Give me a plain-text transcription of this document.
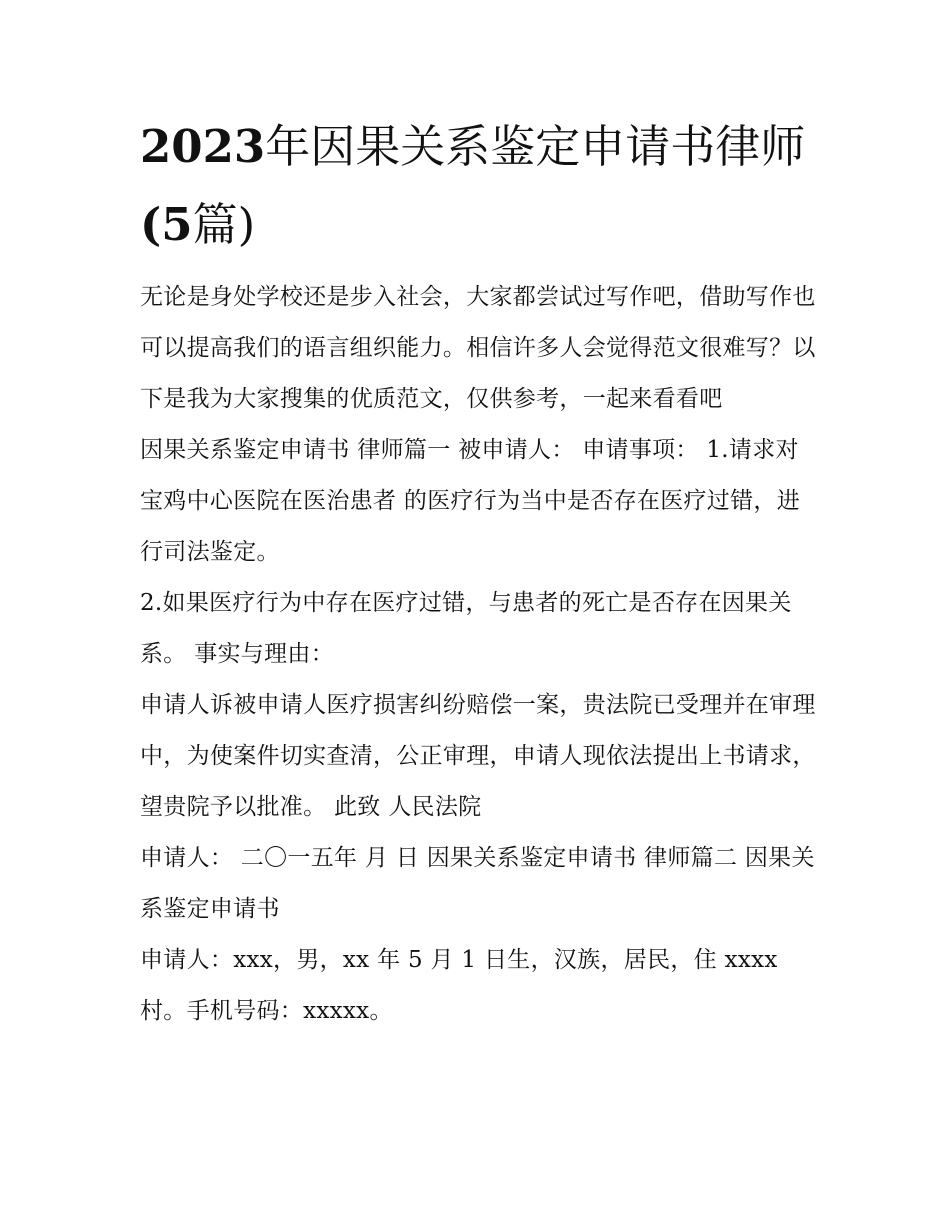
2023年因果关系鉴定申请书律师(5篇)

无论是身处学校还是步入社会，大家都尝试过写作吧，借助写作也可以提高我们的语言组织能力。相信许多人会觉得范文很难写？以下是我为大家搜集的优质范文，仅供参考，一起来看看吧

因果关系鉴定申请书 律师篇一 被申请人： 申请事项： 1.请求对宝鸡中心医院在医治患者 的医疗行为当中是否存在医疗过错，进行司法鉴定。

2.如果医疗行为中存在医疗过错，与患者的死亡是否存在因果关系。 事实与理由：

申请人诉被申请人医疗损害纠纷赔偿一案，贵法院已受理并在审理中，为使案件切实查清，公正审理，申请人现依法提出上书请求，望贵院予以批准。 此致 人民法院

申请人： 二〇一五年 月 日 因果关系鉴定申请书 律师篇二 因果关系鉴定申请书

申请人：xxx，男，xx 年 5 月 1 日生，汉族，居民，住 xxxx村。手机号码：xxxxx。
